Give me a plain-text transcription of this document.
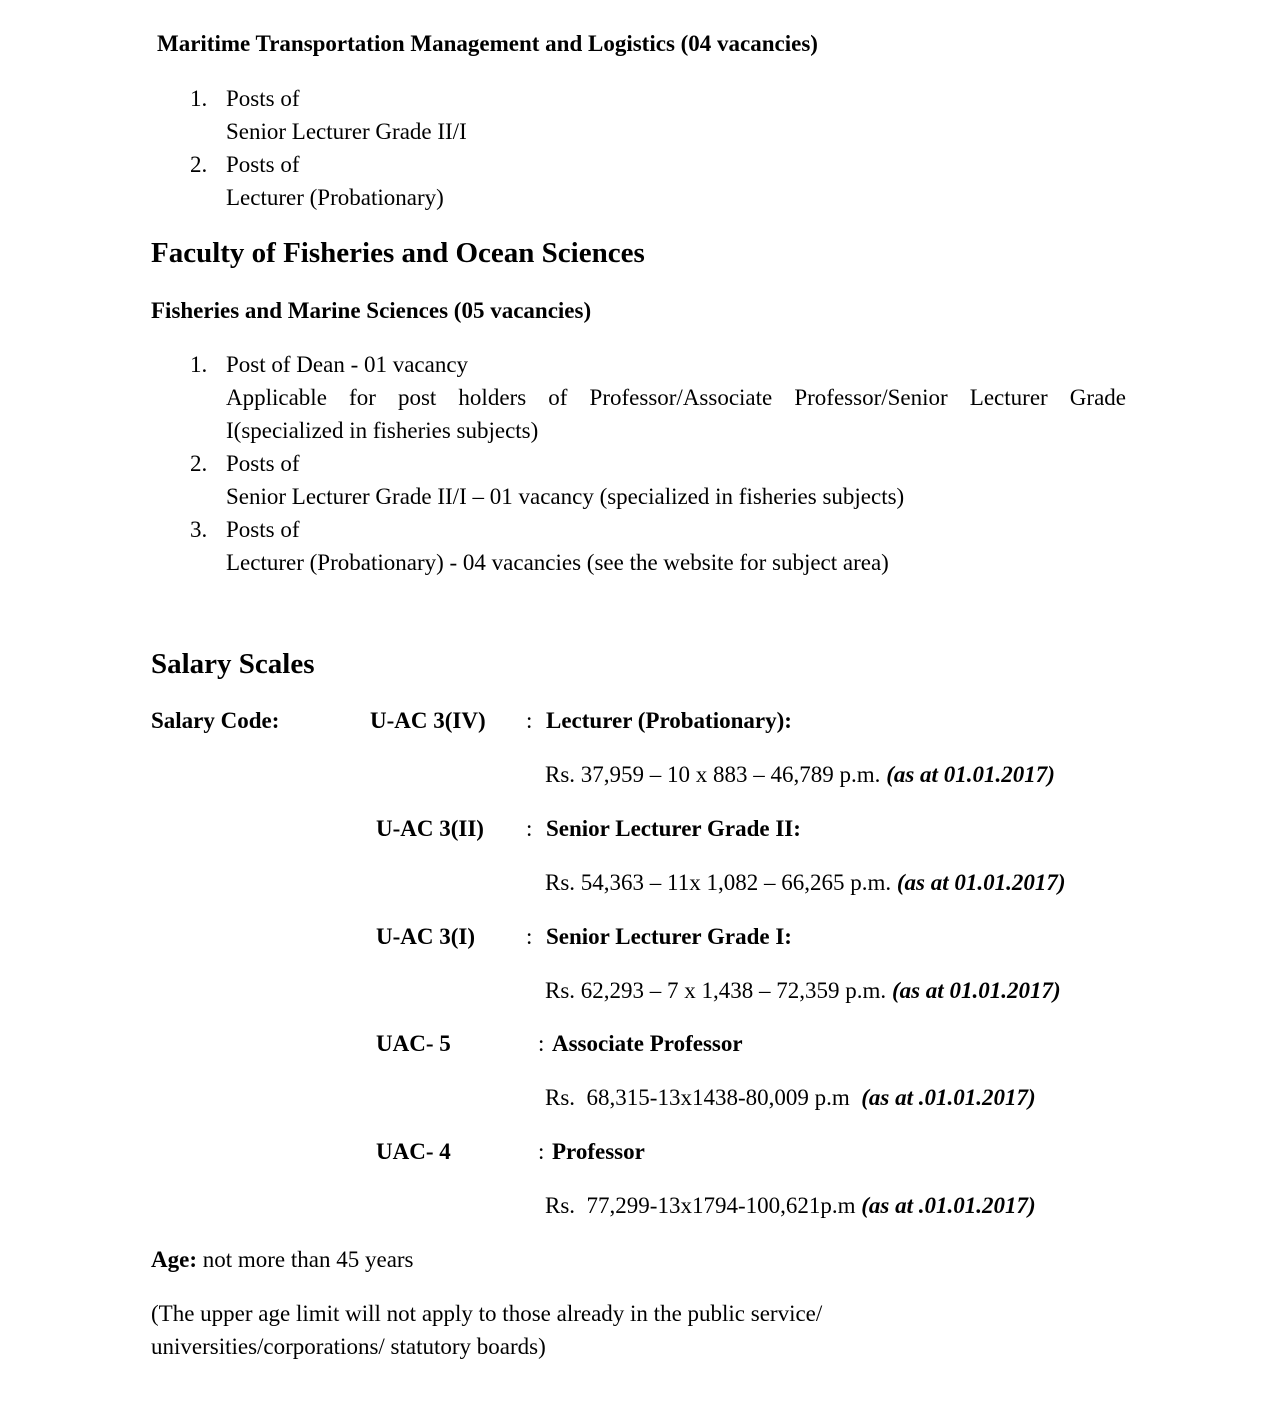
Maritime Transportation Management and Logistics (04 vacancies)
1. Posts of
Senior Lecturer Grade II/I
2. Posts of
Lecturer (Probationary)
Faculty of Fisheries and Ocean Sciences
Fisheries and Marine Sciences (05 vacancies)
1. Post of Dean - 01 vacancy
Applicable for post holders of Professor/Associate Professor/Senior Lecturer Grade
I(specialized in fisheries subjects)
2. Posts of
Senior Lecturer Grade II/I – 01 vacancy (specialized in fisheries subjects)
3. Posts of
Lecturer (Probationary) - 04 vacancies (see the website for subject area)
Salary Scales
Salary Code:	U-AC 3(IV) : Lecturer (Probationary):
Rs. 37,959 – 10 x 883 – 46,789 p.m. (as at 01.01.2017)
U-AC 3(II) : Senior Lecturer Grade II:
Rs. 54,363 – 11x 1,082 – 66,265 p.m. (as at 01.01.2017)
U-AC 3(I) : Senior Lecturer Grade I:
Rs. 62,293 – 7 x 1,438 – 72,359 p.m. (as at 01.01.2017)
UAC- 5	: Associate Professor
Rs.  68,315-13x1438-80,009 p.m  (as at .01.01.2017)
UAC- 4	: Professor
Rs.  77,299-13x1794-100,621p.m (as at .01.01.2017)
Age: not more than 45 years
(The upper age limit will not apply to those already in the public service/
universities/corporations/ statutory boards)
